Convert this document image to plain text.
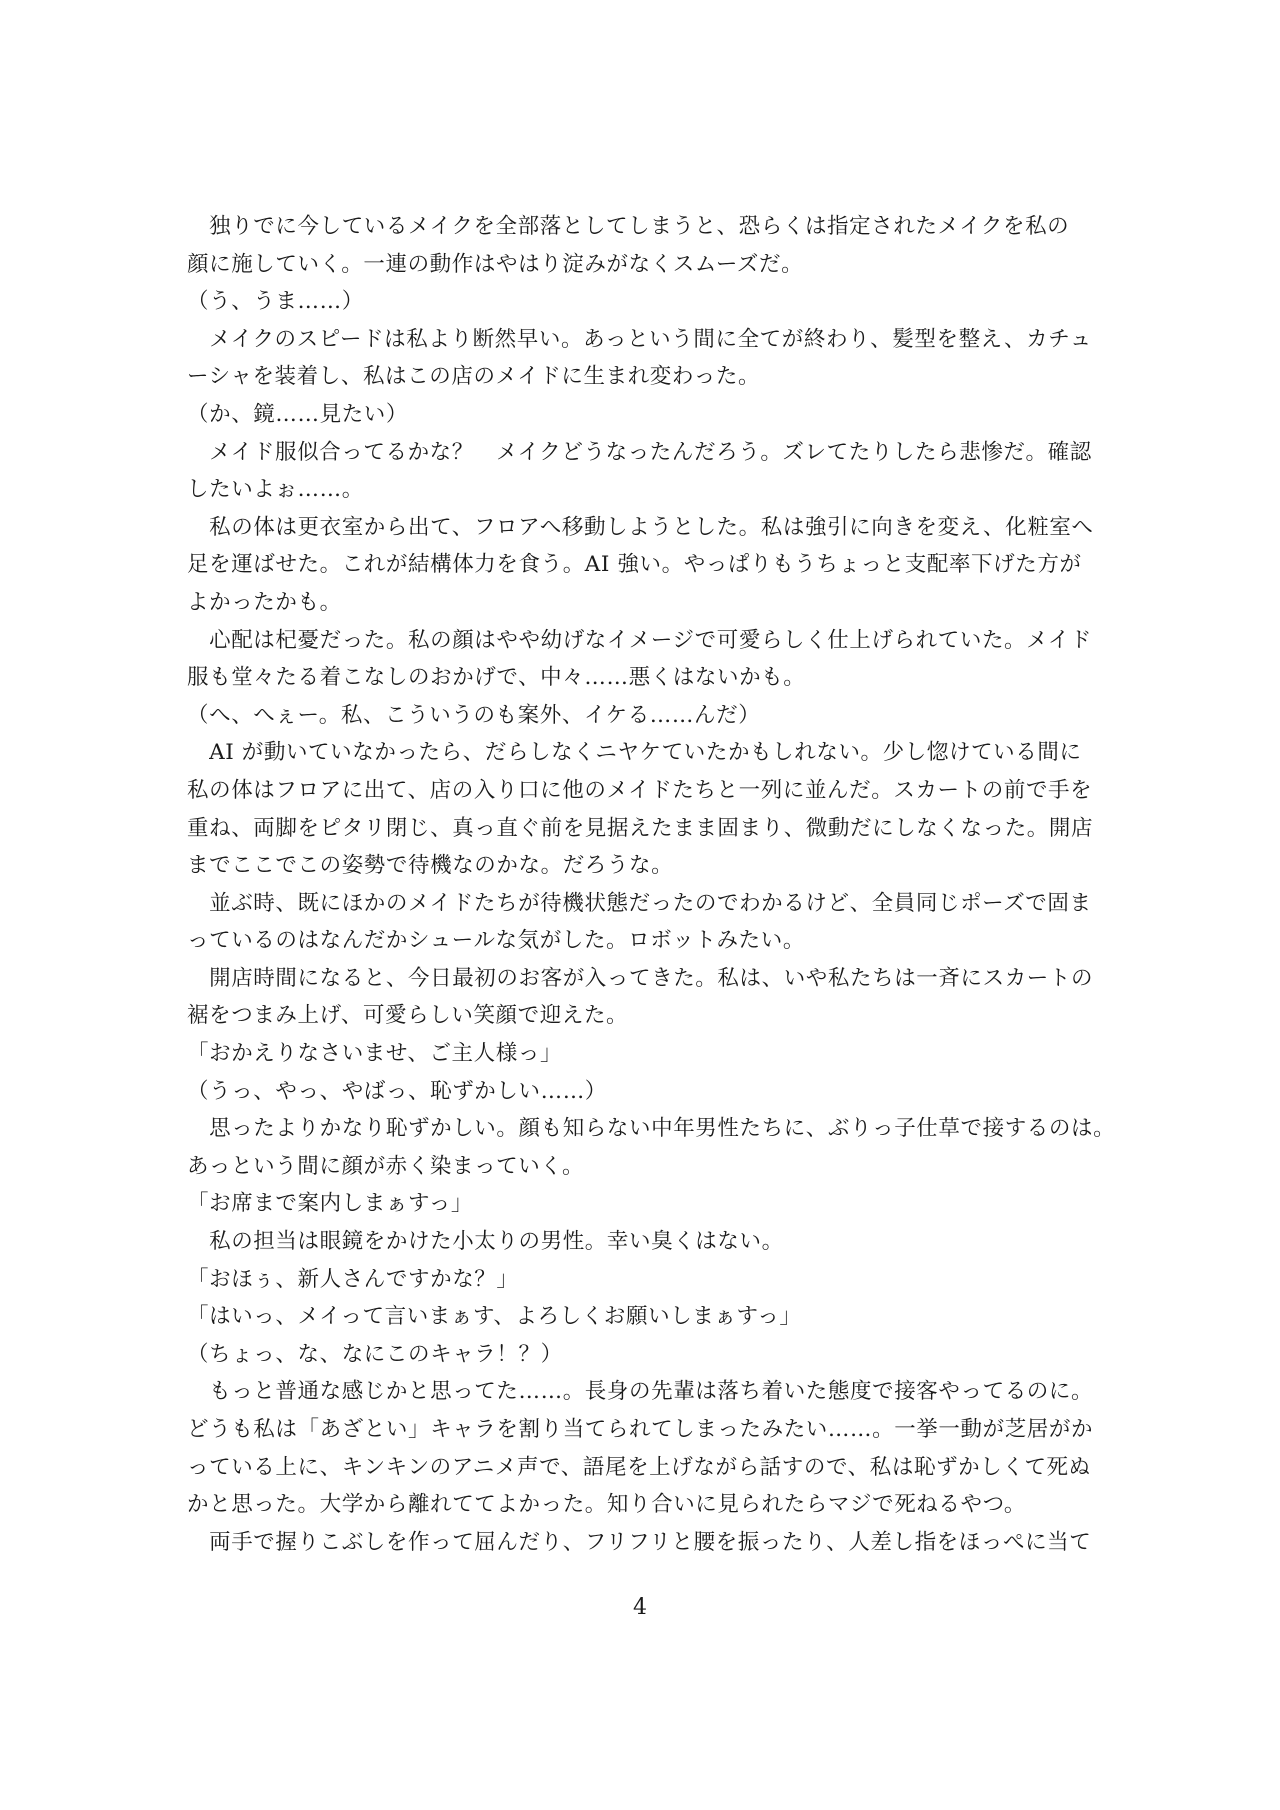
　独りでに今しているメイクを全部落としてしまうと、恐らくは指定されたメイクを私の
顔に施していく。一連の動作はやはり淀みがなくスムーズだ。
（う、うま……）
　メイクのスピードは私より断然早い。あっという間に全てが終わり、髪型を整え、カチュ
ーシャを装着し、私はこの店のメイドに生まれ変わった。
（か、鏡……見たい）
　メイド服似合ってるかな？　メイクどうなったんだろう。ズレてたりしたら悲惨だ。確認
したいよぉ……。
　私の体は更衣室から出て、フロアへ移動しようとした。私は強引に向きを変え、化粧室へ
足を運ばせた。これが結構体力を食う。AI 強い。やっぱりもうちょっと支配率下げた方が
よかったかも。
　心配は杞憂だった。私の顔はやや幼げなイメージで可愛らしく仕上げられていた。メイド
服も堂々たる着こなしのおかげで、中々……悪くはないかも。
（へ、へぇー。私、こういうのも案外、イケる……んだ）
　AI が動いていなかったら、だらしなくニヤケていたかもしれない。少し惚けている間に
私の体はフロアに出て、店の入り口に他のメイドたちと一列に並んだ。スカートの前で手を
重ね、両脚をピタリ閉じ、真っ直ぐ前を見据えたまま固まり、微動だにしなくなった。開店
までここでこの姿勢で待機なのかな。だろうな。
　並ぶ時、既にほかのメイドたちが待機状態だったのでわかるけど、全員同じポーズで固ま
っているのはなんだかシュールな気がした。ロボットみたい。
　開店時間になると、今日最初のお客が入ってきた。私は、いや私たちは一斉にスカートの
裾をつまみ上げ、可愛らしい笑顔で迎えた。
「おかえりなさいませ、ご主人様っ」
（うっ、やっ、やばっ、恥ずかしい……）
　思ったよりかなり恥ずかしい。顔も知らない中年男性たちに、ぶりっ子仕草で接するのは。
あっという間に顔が赤く染まっていく。
「お席まで案内しまぁすっ」
　私の担当は眼鏡をかけた小太りの男性。幸い臭くはない。
「おほぅ、新人さんですかな？」
「はいっ、メイって言いまぁす、よろしくお願いしまぁすっ」
（ちょっ、な、なにこのキャラ！？）
　もっと普通な感じかと思ってた……。長身の先輩は落ち着いた態度で接客やってるのに。
どうも私は「あざとい」キャラを割り当てられてしまったみたい……。一挙一動が芝居がか
っている上に、キンキンのアニメ声で、語尾を上げながら話すので、私は恥ずかしくて死ぬ
かと思った。大学から離れててよかった。知り合いに見られたらマジで死ねるやつ。
　両手で握りこぶしを作って屈んだり、フリフリと腰を振ったり、人差し指をほっぺに当て
4
